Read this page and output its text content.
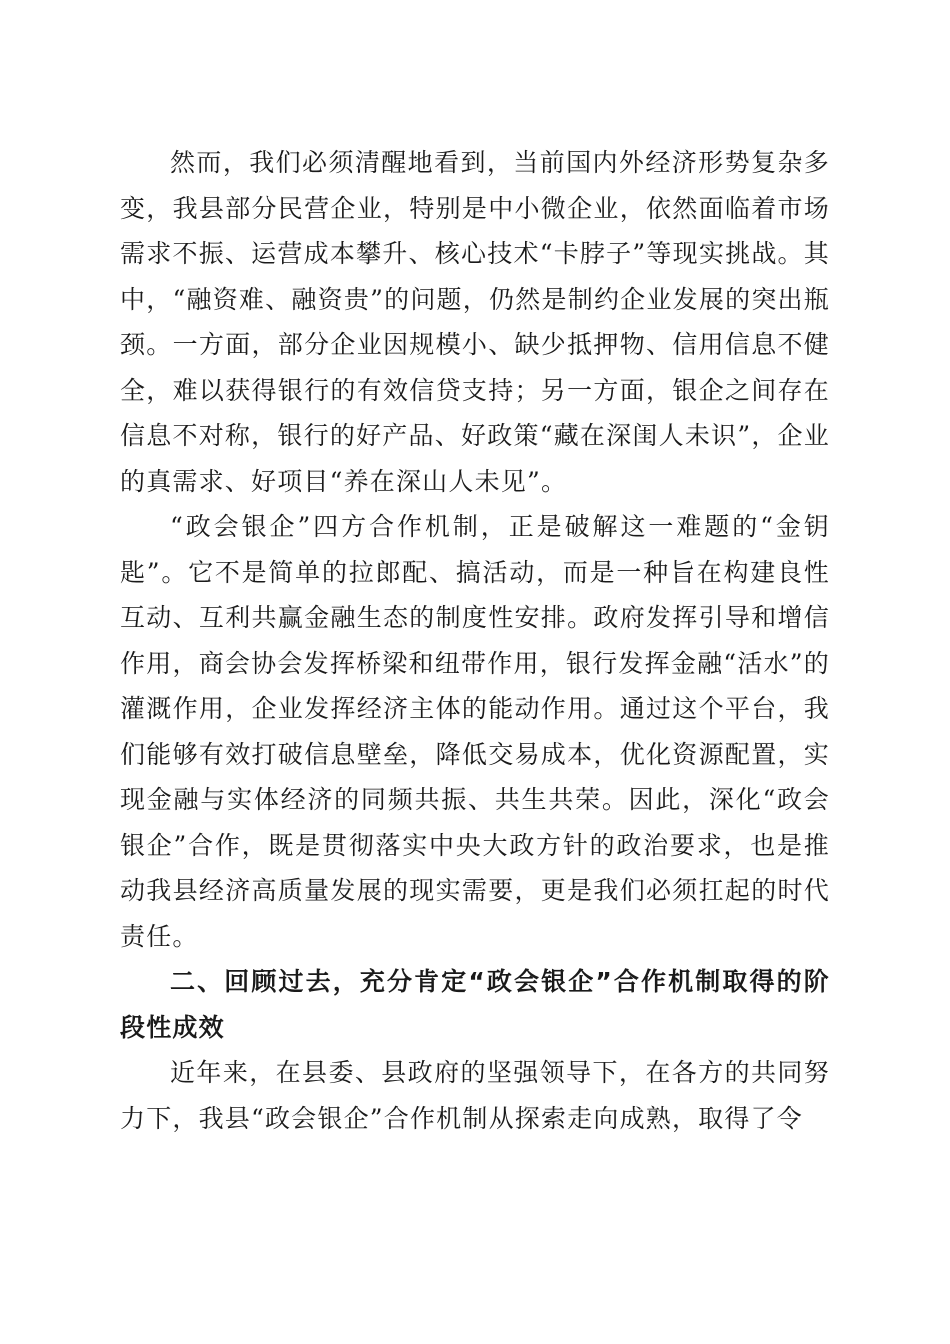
然而，我们必须清醒地看到，当前国内外经济形势复杂多变，我县部分民营企业，特别是中小微企业，依然面临着市场需求不振、运营成本攀升、核心技术“卡脖子”等现实挑战。其中，“融资难、融资贵”的问题，仍然是制约企业发展的突出瓶颈。一方面，部分企业因规模小、缺少抵押物、信用信息不健全，难以获得银行的有效信贷支持；另一方面，银企之间存在信息不对称，银行的好产品、好政策“藏在深闺人未识”，企业的真需求、好项目“养在深山人未见”。

“政会银企”四方合作机制，正是破解这一难题的“金钥匙”。它不是简单的拉郎配、搞活动，而是一种旨在构建良性互动、互利共赢金融生态的制度性安排。政府发挥引导和增信作用，商会协会发挥桥梁和纽带作用，银行发挥金融“活水”的灌溉作用，企业发挥经济主体的能动作用。通过这个平台，我们能够有效打破信息壁垒，降低交易成本，优化资源配置，实现金融与实体经济的同频共振、共生共荣。因此，深化“政会银企”合作，既是贯彻落实中央大政方针的政治要求，也是推动我县经济高质量发展的现实需要，更是我们必须扛起的时代责任。

二、回顾过去，充分肯定“政会银企”合作机制取得的阶段性成效

近年来，在县委、县政府的坚强领导下，在各方的共同努力下，我县“政会银企”合作机制从探索走向成熟，取得了令
